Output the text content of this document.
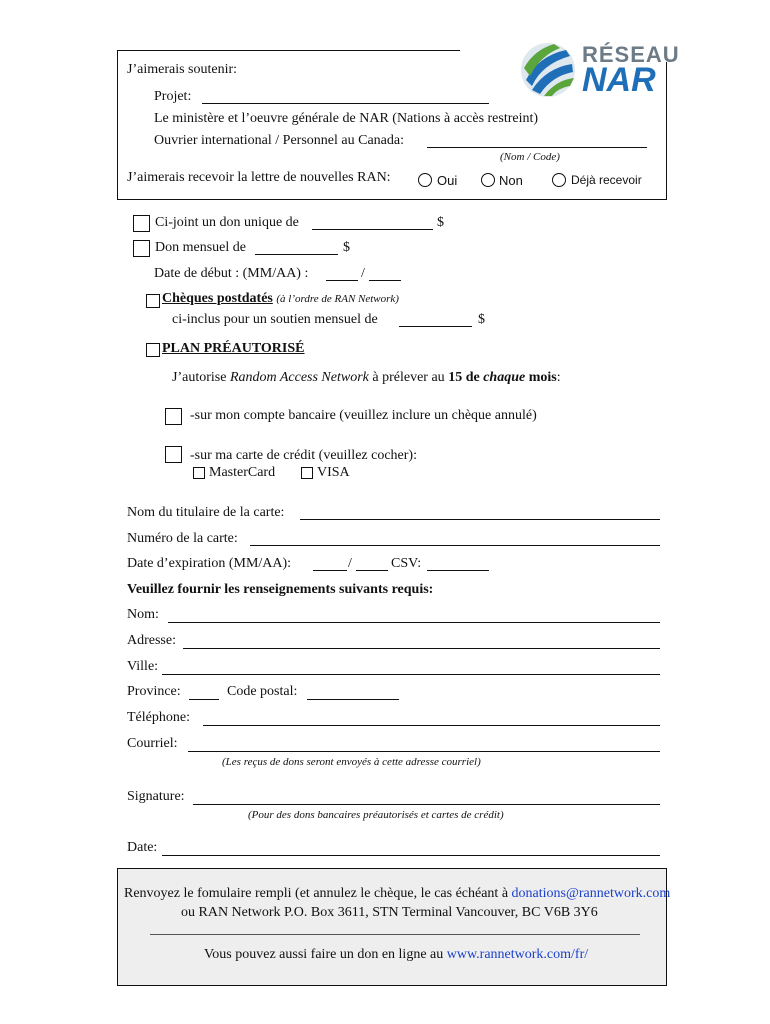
RÉSEAU
NAR
J’aimerais soutenir:
Projet:
Le ministère et l’oeuvre générale de NAR (Nations à accès restreint)
Ouvrier international / Personnel au Canada:
(Nom / Code)
J’aimerais recevoir la lettre de nouvelles RAN:	Oui	Non	Déjà recevoir
Ci-joint un don unique de	$
Don mensuel de	$
Date de début : (MM/AA) :	/
Chèques postdatés (à l’ordre de RAN Network)
ci-inclus pour un soutien mensuel de	$
PLAN PRÉAUTORISÉ
J’autorise Random Access Network à prélever au 15 de chaque mois:
-sur mon compte bancaire (veuillez inclure un chèque annulé)
-sur ma carte de crédit (veuillez cocher):
MasterCard	VISA
Nom du titulaire de la carte:
Numéro de la carte:
Date d’expiration (MM/AA):	/	CSV:
Veuillez fournir les renseignements suivants requis:
Nom:
Adresse:
Ville:
Province:	Code postal:
Téléphone:
Courriel:
(Les reçus de dons seront envoyés à cette adresse courriel)
Signature:
(Pour des dons bancaires préautorisés et cartes de crédit)
Date:
Renvoyez le fomulaire rempli (et annulez le chèque, le cas échéant à donations@rannetwork.com
ou RAN Network P.O. Box 3611, STN Terminal Vancouver, BC V6B 3Y6
Vous pouvez aussi faire un don en ligne au www.rannetwork.com/fr/
